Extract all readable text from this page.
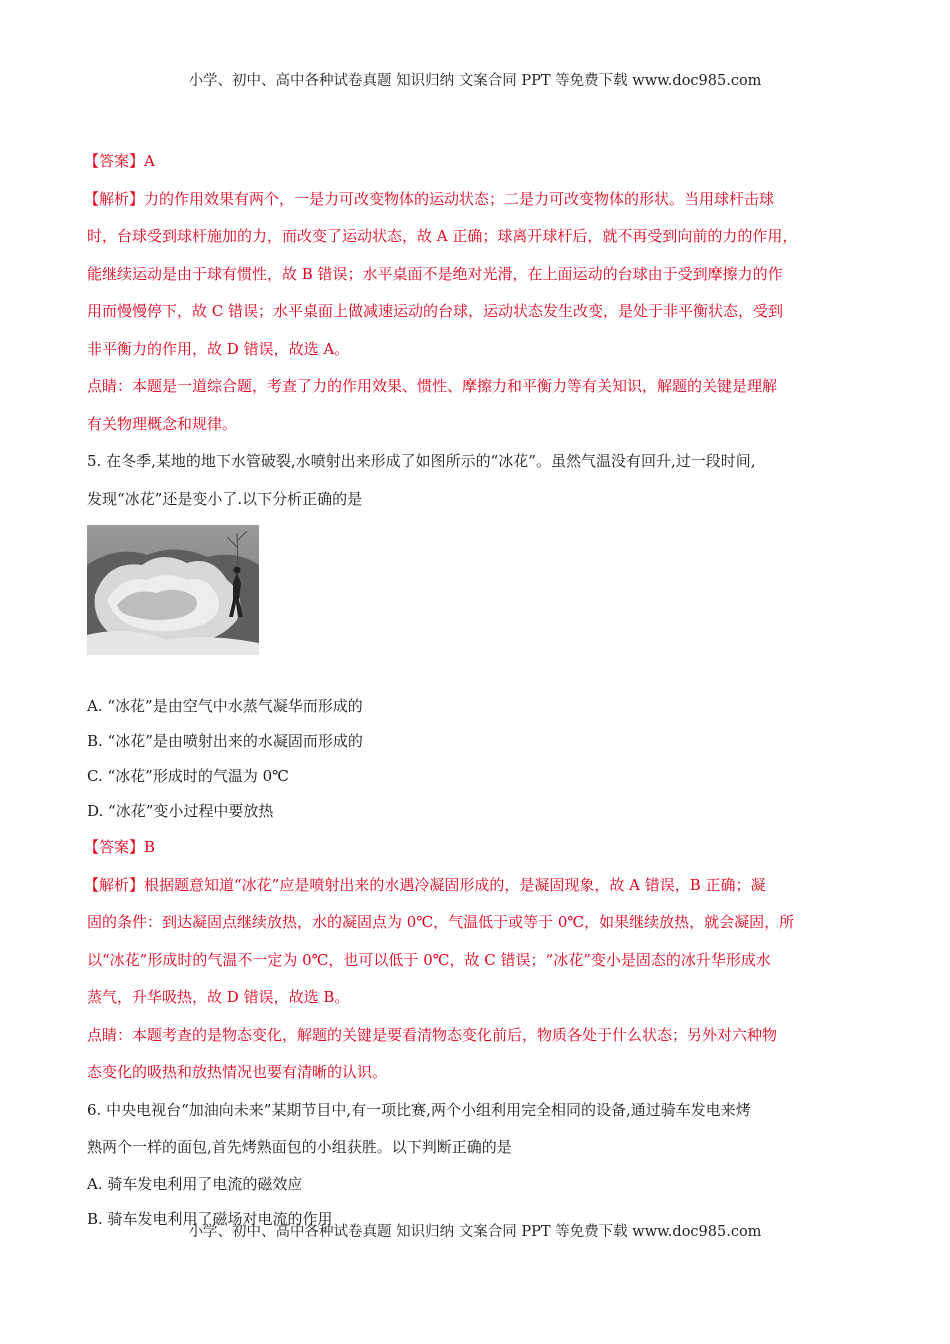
小学、初中、高中各种试卷真题 知识归纳 文案合同 PPT 等免费下载 www.doc985.com
【答案】A
【解析】力的作用效果有两个，一是力可改变物体的运动状态；二是力可改变物体的形状。当用球杆击球
时，台球受到球杆施加的力，而改变了运动状态，故 A 正确；球离开球杆后，就不再受到向前的力的作用，
能继续运动是由于球有惯性，故 B 错误；水平桌面不是绝对光滑，在上面运动的台球由于受到摩擦力的作
用而慢慢停下，故 C 错误；水平桌面上做减速运动的台球，运动状态发生改变，是处于非平衡状态，受到
非平衡力的作用，故 D 错误，故选 A。
点睛：本题是一道综合题，考查了力的作用效果、惯性、摩擦力和平衡力等有关知识，解题的关键是理解
有关物理概念和规律。
5. 在冬季,某地的地下水管破裂,水喷射出来形成了如图所示的“冰花”。虽然气温没有回升,过一段时间,
发现“冰花”还是变小了.以下分析正确的是
A. “冰花”是由空气中水蒸气凝华而形成的
B. “冰花”是由喷射出来的水凝固而形成的
C. “冰花”形成时的气温为 0℃
D. “冰花”变小过程中要放热
【答案】B
【解析】根据题意知道“冰花”应是喷射出来的水遇冷凝固形成的，是凝固现象，故 A 错误，B 正确；凝
固的条件：到达凝固点继续放热，水的凝固点为 0℃，气温低于或等于 0℃，如果继续放热，就会凝固，所
以“冰花”形成时的气温不一定为 0℃，也可以低于 0℃，故 C 错误；“冰花”变小是固态的冰升华形成水
蒸气，升华吸热，故 D 错误，故选 B。
点睛：本题考查的是物态变化，解题的关键是要看清物态变化前后，物质各处于什么状态；另外对六种物
态变化的吸热和放热情况也要有清晰的认识。
6. 中央电视台“加油向未来”某期节目中,有一项比赛,两个小组利用完全相同的设备,通过骑车发电来烤
熟两个一样的面包,首先烤熟面包的小组获胜。以下判断正确的是
A. 骑车发电利用了电流的磁效应
B. 骑车发电利用了磁场对电流的作用
小学、初中、高中各种试卷真题 知识归纳 文案合同 PPT 等免费下载 www.doc985.com
